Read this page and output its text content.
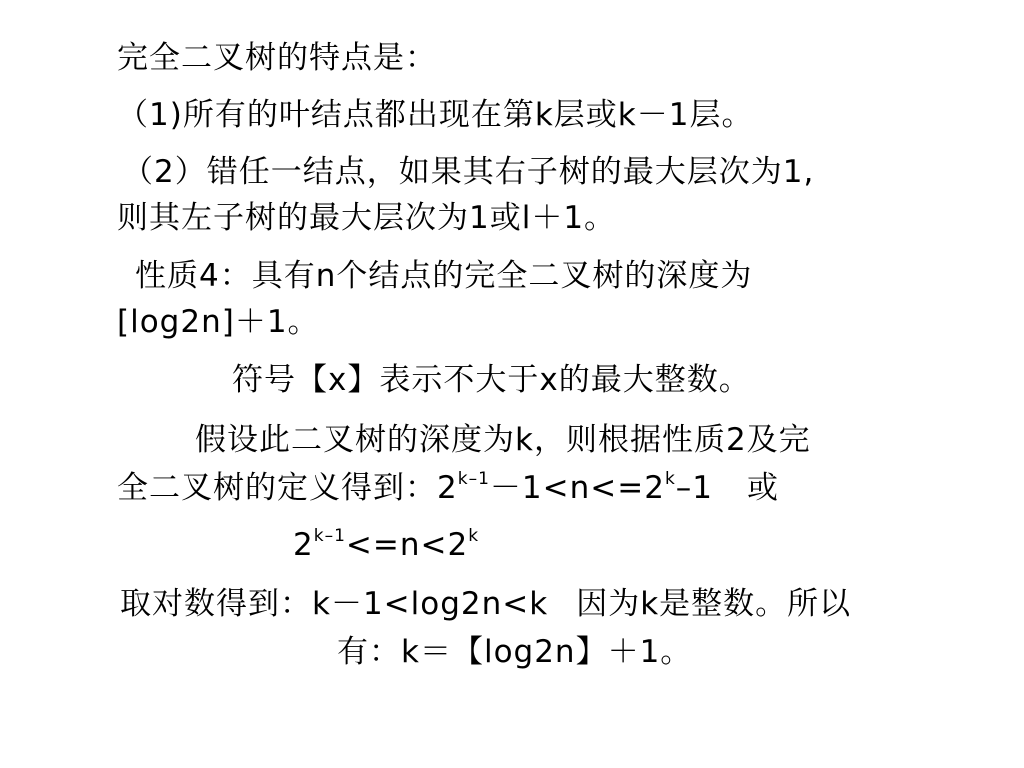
完全二叉树的特点是：
（1)所有的叶结点都出现在第k层或k－1层。
（2）错任一结点，如果其右子树的最大层次为1,
则其左子树的最大层次为1或l＋1。
性质4：具有n个结点的完全二叉树的深度为
[log2n]＋1。
符号【x】表示不大于x的最大整数。
假设此二叉树的深度为k，则根据性质2及完
全二叉树的定义得到：$2^{k-1}-1<n<=2^k-1$ 或
$2^{k-1}<=n<2^k$
取对数得到：k－1<log2n<k 因为k是整数。所以
有：k＝【log2n】＋1。
